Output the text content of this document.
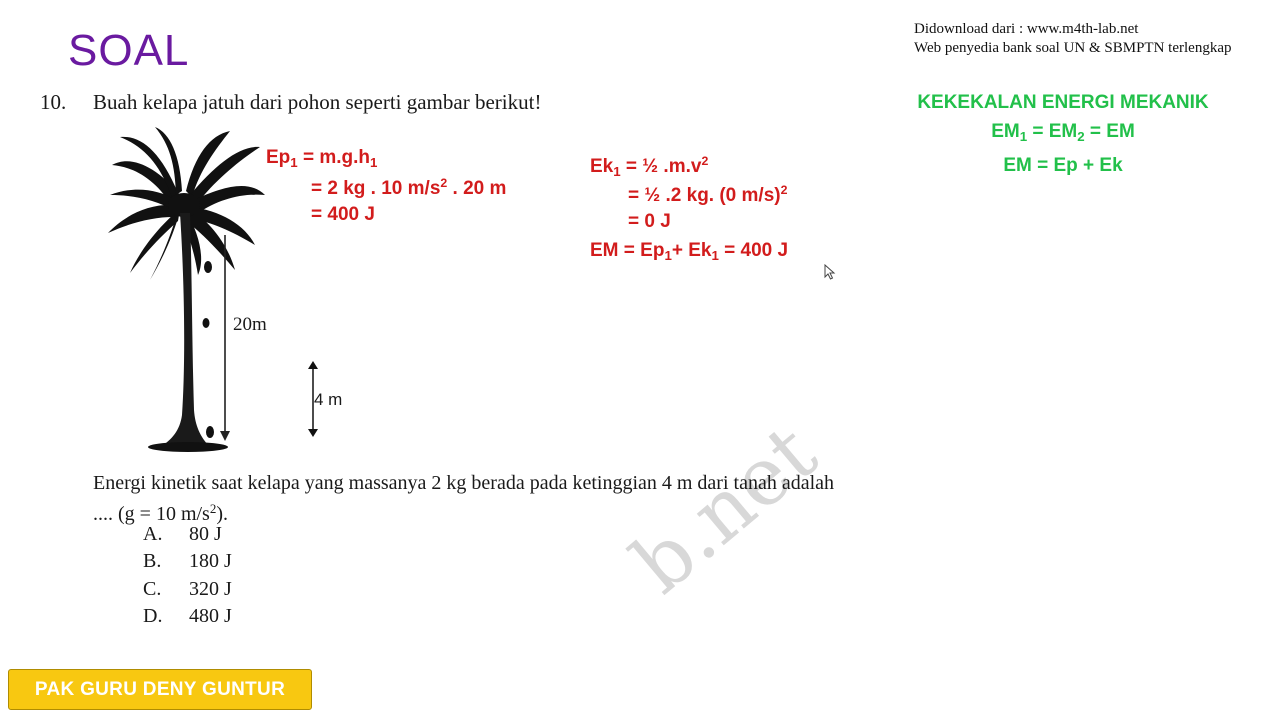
SOAL	Didownload dari : www.m4th-lab.net
Web penyedia bank soal UN & SBMPTN terlengkap
b.net
10. Buah kelapa jatuh dari pohon seperti gambar berikut!
20m
4 m
$Ep_1 = m.g.h_1$
= 2 kg . 10 $m/s^2$ . 20 m
= 400 J
$Ek_1$ = ½ $.m.v^2$
= ½ .2 kg. (0 m/s)$^2$
= 0 J
EM = $Ep_1+ Ek_1 = 400$ J
KEKEKALAN ENERGI MEKANIK
$EM_1 = EM_2$ = EM
EM = Ep + Ek
Energi kinetik saat kelapa yang massanya 2 kg berada pada ketinggian 4 m dari tanah adalah
.... (g = 10 $m/s^2$).
A. 80 J
B. 180 J
C. 320 J
D. 480 J
PAK GURU DENY GUNTUR
